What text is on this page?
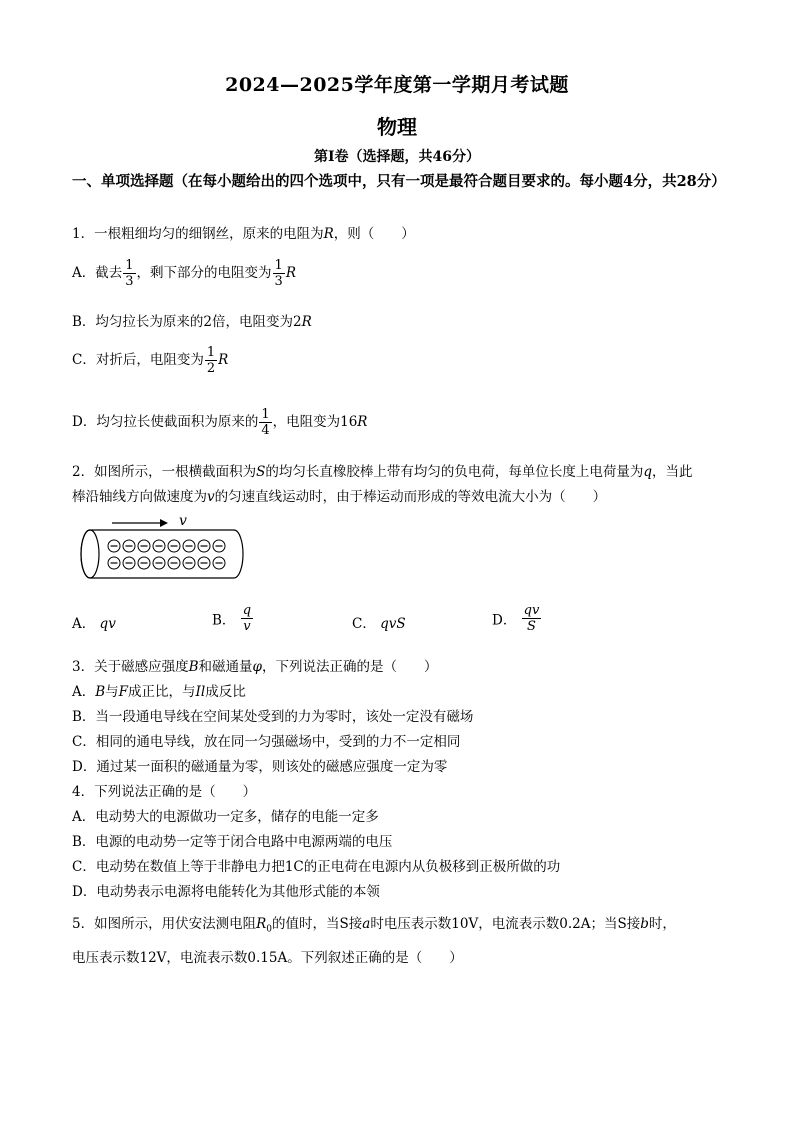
2024—2025学年度第一学期月考试题
物理
第Ⅰ卷（选择题，共46分）
一、单项选择题（在每小题给出的四个选项中，只有一项是最符合题目要求的。每小题4分，共28分）
1．一根粗细均匀的细钢丝，原来的电阻为R，则（　　）
A．截去 $\frac{1}{3}$ ，剩下部分的电阻变为 $\frac{1}{3}$ R
B．均匀拉长为原来的2倍，电阻变为2R
C．对折后，电阻变为 $\frac{1}{2}$ R
D．均匀拉长使截面积为原来的 $\frac{1}{4}$ ，电阻变为16R
2．如图所示，一根横截面积为S的均匀长直橡胶棒上带有均匀的负电荷，每单位长度上电荷量为q，当此
棒沿轴线方向做速度为v的匀速直线运动时，由于棒运动而形成的等效电流大小为（　　）
v
A． qv	B． $\frac{q}{v}$	C． qvS	D． $\frac{qv}{S}$
3．关于磁感应强度B和磁通量φ，下列说法正确的是（　　）
A．B与F成正比，与Il成反比
B．当一段通电导线在空间某处受到的力为零时，该处一定没有磁场
C．相同的通电导线，放在同一匀强磁场中，受到的力不一定相同
D．通过某一面积的磁通量为零，则该处的磁感应强度一定为零
4．下列说法正确的是（　　）
A．电动势大的电源做功一定多，储存的电能一定多
B．电源的电动势一定等于闭合电路中电源两端的电压
C．电动势在数值上等于非静电力把1C的正电荷在电源内从负极移到正极所做的功
D．电动势表示电源将电能转化为其他形式能的本领
5．如图所示，用伏安法测电阻$R_0$的值时，当S接a时电压表示数10V，电流表示数0.2A；当S接b时，
电压表示数12V，电流表示数0.15A。下列叙述正确的是（　　）
